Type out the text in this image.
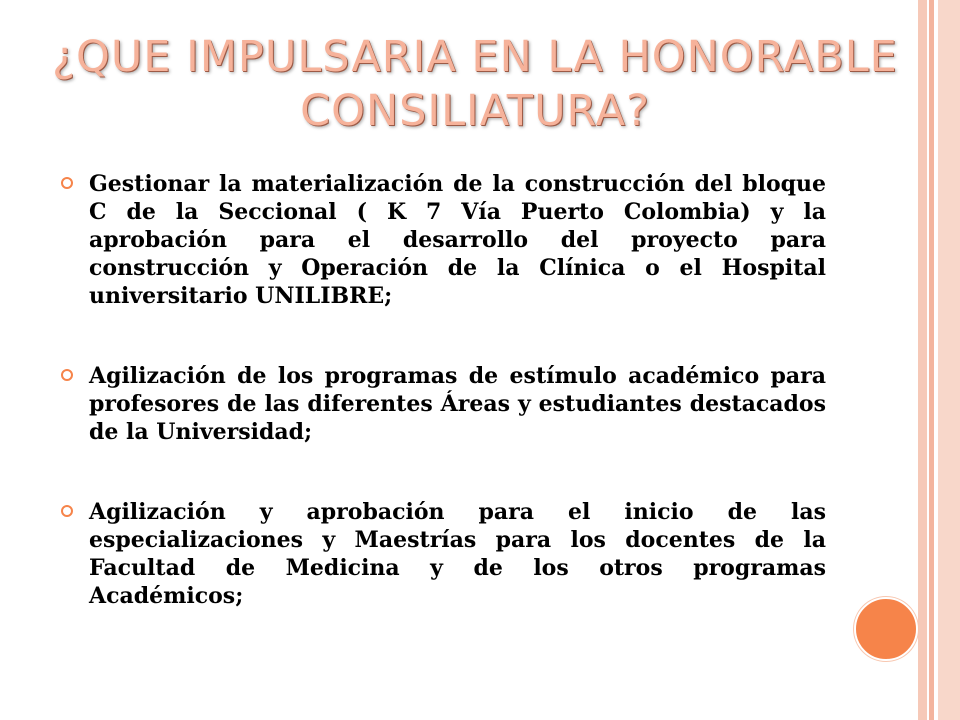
¿QUE IMPULSARIA EN LA HONORABLE
CONSILIATURA?
Gestionar la materialización de la construcción del bloque C de la Seccional ( K 7 Vía Puerto Colombia) y la aprobación para el desarrollo del proyecto para construcción y Operación de la Clínica o el Hospital universitario UNILIBRE;
Agilización de los programas de estímulo académico para profesores de las diferentes Áreas y estudiantes destacados de la Universidad;
Agilización y aprobación para el inicio de las especializaciones y Maestrías para los docentes de la Facultad de Medicina y de los otros programas Académicos;
